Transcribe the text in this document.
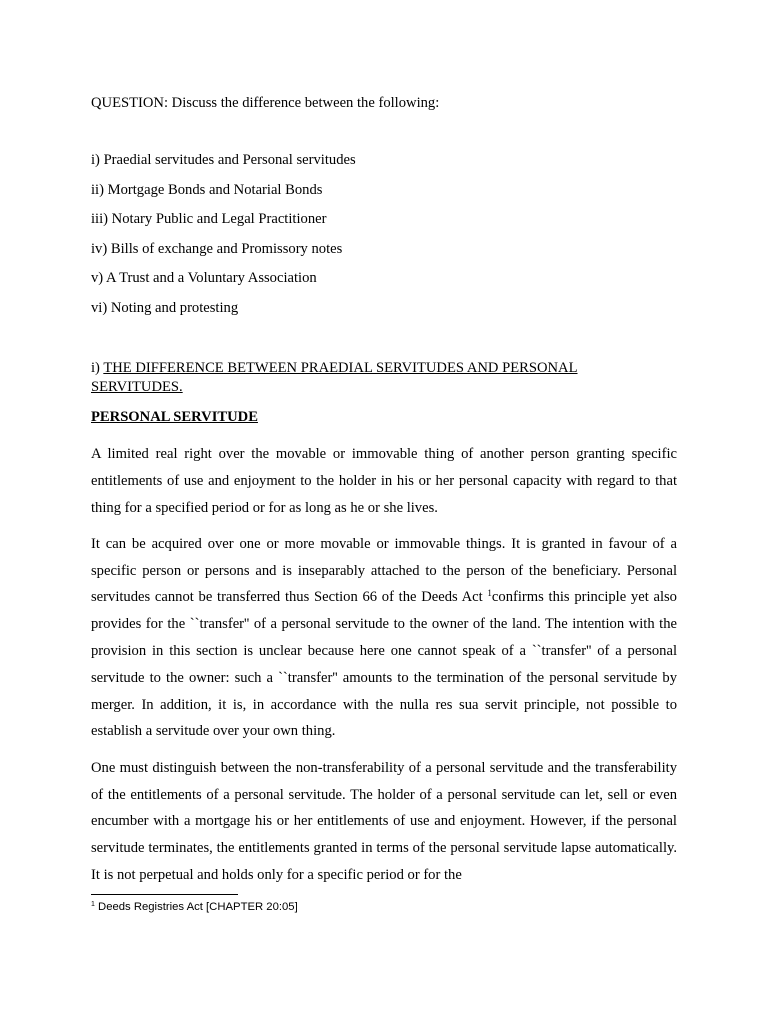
QUESTION: Discuss the difference between the following:

i) Praedial servitudes and Personal servitudes
ii) Mortgage Bonds and Notarial Bonds
iii) Notary Public and Legal Practitioner
iv) Bills of exchange and Promissory notes
v) A Trust and a Voluntary Association
vi) Noting and protesting

i) THE DIFFERENCE BETWEEN PRAEDIAL SERVITUDES AND PERSONAL SERVITUDES.

PERSONAL SERVITUDE

A limited real right over the movable or immovable thing of another person granting specific entitlements of use and enjoyment to the holder in his or her personal capacity with regard to that thing for a specified period or for as long as he or she lives.

It can be acquired over one or more movable or immovable things. It is granted in favour of a specific person or persons and is inseparably attached to the person of the beneficiary. Personal servitudes cannot be transferred thus Section 66 of the Deeds Act $^1$confirms this principle yet also provides for the ``transfer'' of a personal servitude to the owner of the land. The intention with the provision in this section is unclear because here one cannot speak of a ``transfer'' of a personal servitude to the owner: such a ``transfer'' amounts to the termination of the personal servitude by merger. In addition, it is, in accordance with the nulla res sua servit principle, not possible to establish a servitude over your own thing.

One must distinguish between the non-transferability of a personal servitude and the transferability of the entitlements of a personal servitude. The holder of a personal servitude can let, sell or even encumber with a mortgage his or her entitlements of use and enjoyment. However, if the personal servitude terminates, the entitlements granted in terms of the personal servitude lapse automatically. It is not perpetual and holds only for a specific period or for the

$^1$ Deeds Registries Act [CHAPTER 20:05]
